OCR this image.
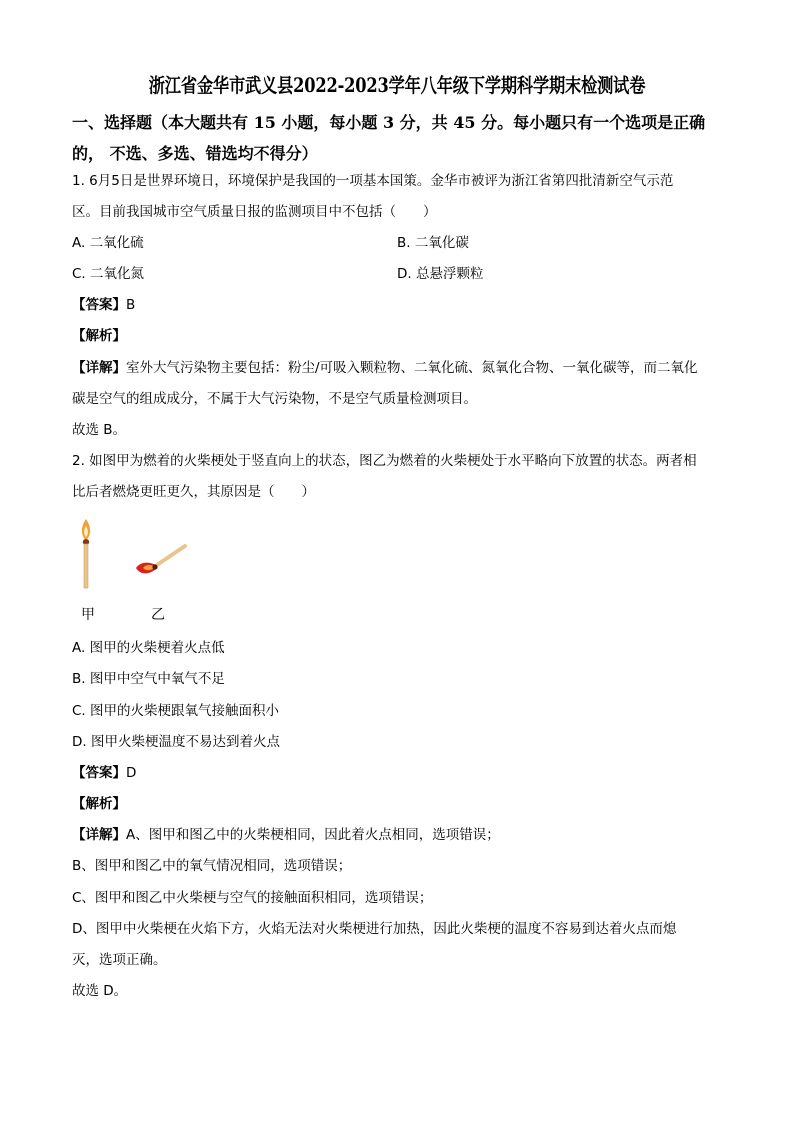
浙江省金华市武义县2022-2023学年八年级下学期科学期末检测试卷
一、选择题（本大题共有 15 小题，每小题 3 分，共 45 分。每小题只有一个选项是正确
的， 不选、多选、错选均不得分）
1. 6月5日是世界环境日，环境保护是我国的一项基本国策。金华市被评为浙江省第四批清新空气示范
区。目前我国城市空气质量日报的监测项目中不包括（　　）
A. 二氧化硫	B. 二氧化碳
C. 二氧化氮	D. 总悬浮颗粒
【答案】B
【解析】
【详解】室外大气污染物主要包括：粉尘/可吸入颗粒物、二氧化硫、氮氧化合物、一氧化碳等，而二氧化
碳是空气的组成成分，不属于大气污染物，不是空气质量检测项目。
故选 B。
2. 如图甲为燃着的火柴梗处于竖直向上的状态，图乙为燃着的火柴梗处于水平略向下放置的状态。两者相
比后者燃烧更旺更久，其原因是（　　）
甲	乙
A. 图甲的火柴梗着火点低
B. 图甲中空气中氧气不足
C. 图甲的火柴梗跟氧气接触面积小
D. 图甲火柴梗温度不易达到着火点
【答案】D
【解析】
【详解】A、图甲和图乙中的火柴梗相同，因此着火点相同，选项错误；
B、图甲和图乙中的氧气情况相同，选项错误；
C、图甲和图乙中火柴梗与空气的接触面积相同，选项错误；
D、图甲中火柴梗在火焰下方，火焰无法对火柴梗进行加热，因此火柴梗的温度不容易到达着火点而熄
灭，选项正确。
故选 D。
